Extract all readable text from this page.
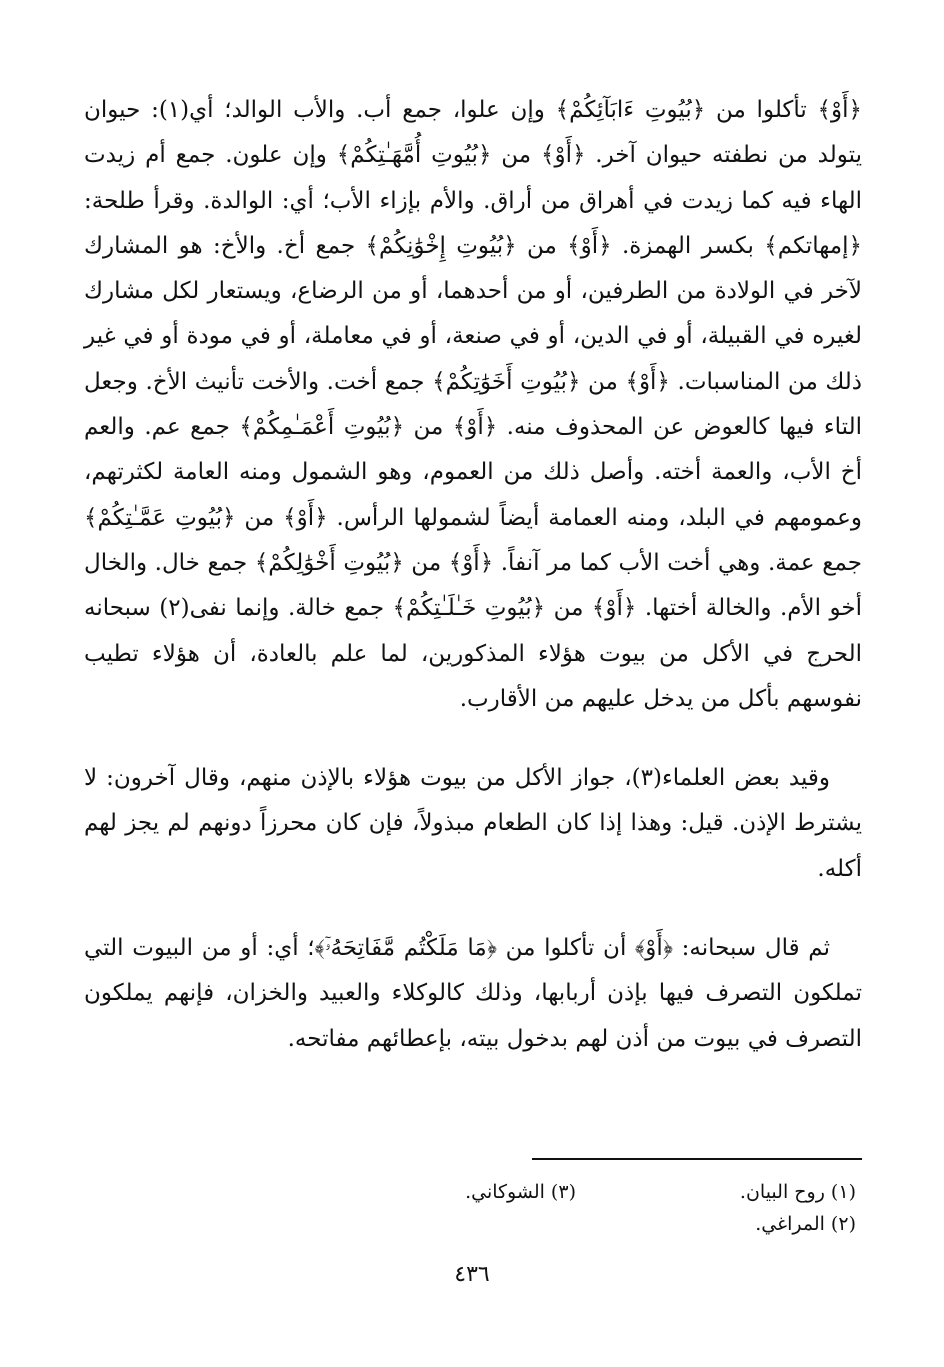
﴿أَوْ﴾ تأكلوا من ﴿بُيُوتِ ءَابَآئِكُمْ﴾ وإن علوا، جمع أب. والأب الوالد؛ أي(١): حيوان يتولد من نطفته حيوان آخر. ﴿أَوْ﴾ من ﴿بُيُوتِ أُمَّهَـٰتِكُمْ﴾ وإن علون. جمع أم زيدت الهاء فيه كما زيدت في أهراق من أراق. والأم بإزاء الأب؛ أي: الوالدة. وقرأ طلحة: ﴿إمهاتكم﴾ بكسر الهمزة. ﴿أَوْ﴾ من ﴿بُيُوتِ إِخْوَٰنِكُمْ﴾ جمع أخ. والأخ: هو المشارك لآخر في الولادة من الطرفين، أو من أحدهما، أو من الرضاع، ويستعار لكل مشارك لغيره في القبيلة، أو في الدين، أو في صنعة، أو في معاملة، أو في مودة أو في غير ذلك من المناسبات. ﴿أَوْ﴾ من ﴿بُيُوتِ أَخَوَٰتِكُمْ﴾ جمع أخت. والأخت تأنيث الأخ. وجعل التاء فيها كالعوض عن المحذوف منه. ﴿أَوْ﴾ من ﴿بُيُوتِ أَعْمَـٰمِكُمْ﴾ جمع عم. والعم أخ الأب، والعمة أخته. وأصل ذلك من العموم، وهو الشمول ومنه العامة لكثرتهم، وعمومهم في البلد، ومنه العمامة أيضاً لشمولها الرأس. ﴿أَوْ﴾ من ﴿بُيُوتِ عَمَّـٰتِكُمْ﴾ جمع عمة. وهي أخت الأب كما مر آنفاً. ﴿أَوْ﴾ من ﴿بُيُوتِ أَخْوَٰلِكُمْ﴾ جمع خال. والخال أخو الأم. والخالة أختها. ﴿أَوْ﴾ من ﴿بُيُوتِ خَـٰلَـٰتِكُمْ﴾ جمع خالة. وإنما نفى(٢) سبحانه الحرج في الأكل من بيوت هؤلاء المذكورين، لما علم بالعادة، أن هؤلاء تطيب نفوسهم بأكل من يدخل عليهم من الأقارب.

وقيد بعض العلماء(٣)، جواز الأكل من بيوت هؤلاء بالإذن منهم، وقال آخرون: لا يشترط الإذن. قيل: وهذا إذا كان الطعام مبذولاً، فإن كان محرزاً دونهم لم يجز لهم أكله.

ثم قال سبحانه: ﴿أَوْ﴾ أن تأكلوا من ﴿مَا مَلَكْتُم مَّفَاتِحَهُۥٓ﴾؛ أي: أو من البيوت التي تملكون التصرف فيها بإذن أربابها، وذلك كالوكلاء والعبيد والخزان، فإنهم يملكون التصرف في بيوت من أذن لهم بدخول بيته، بإعطائهم مفاتحه.

(١) روح البيان.
(٣) الشوكاني.
(٢) المراغي.
٤٣٦
